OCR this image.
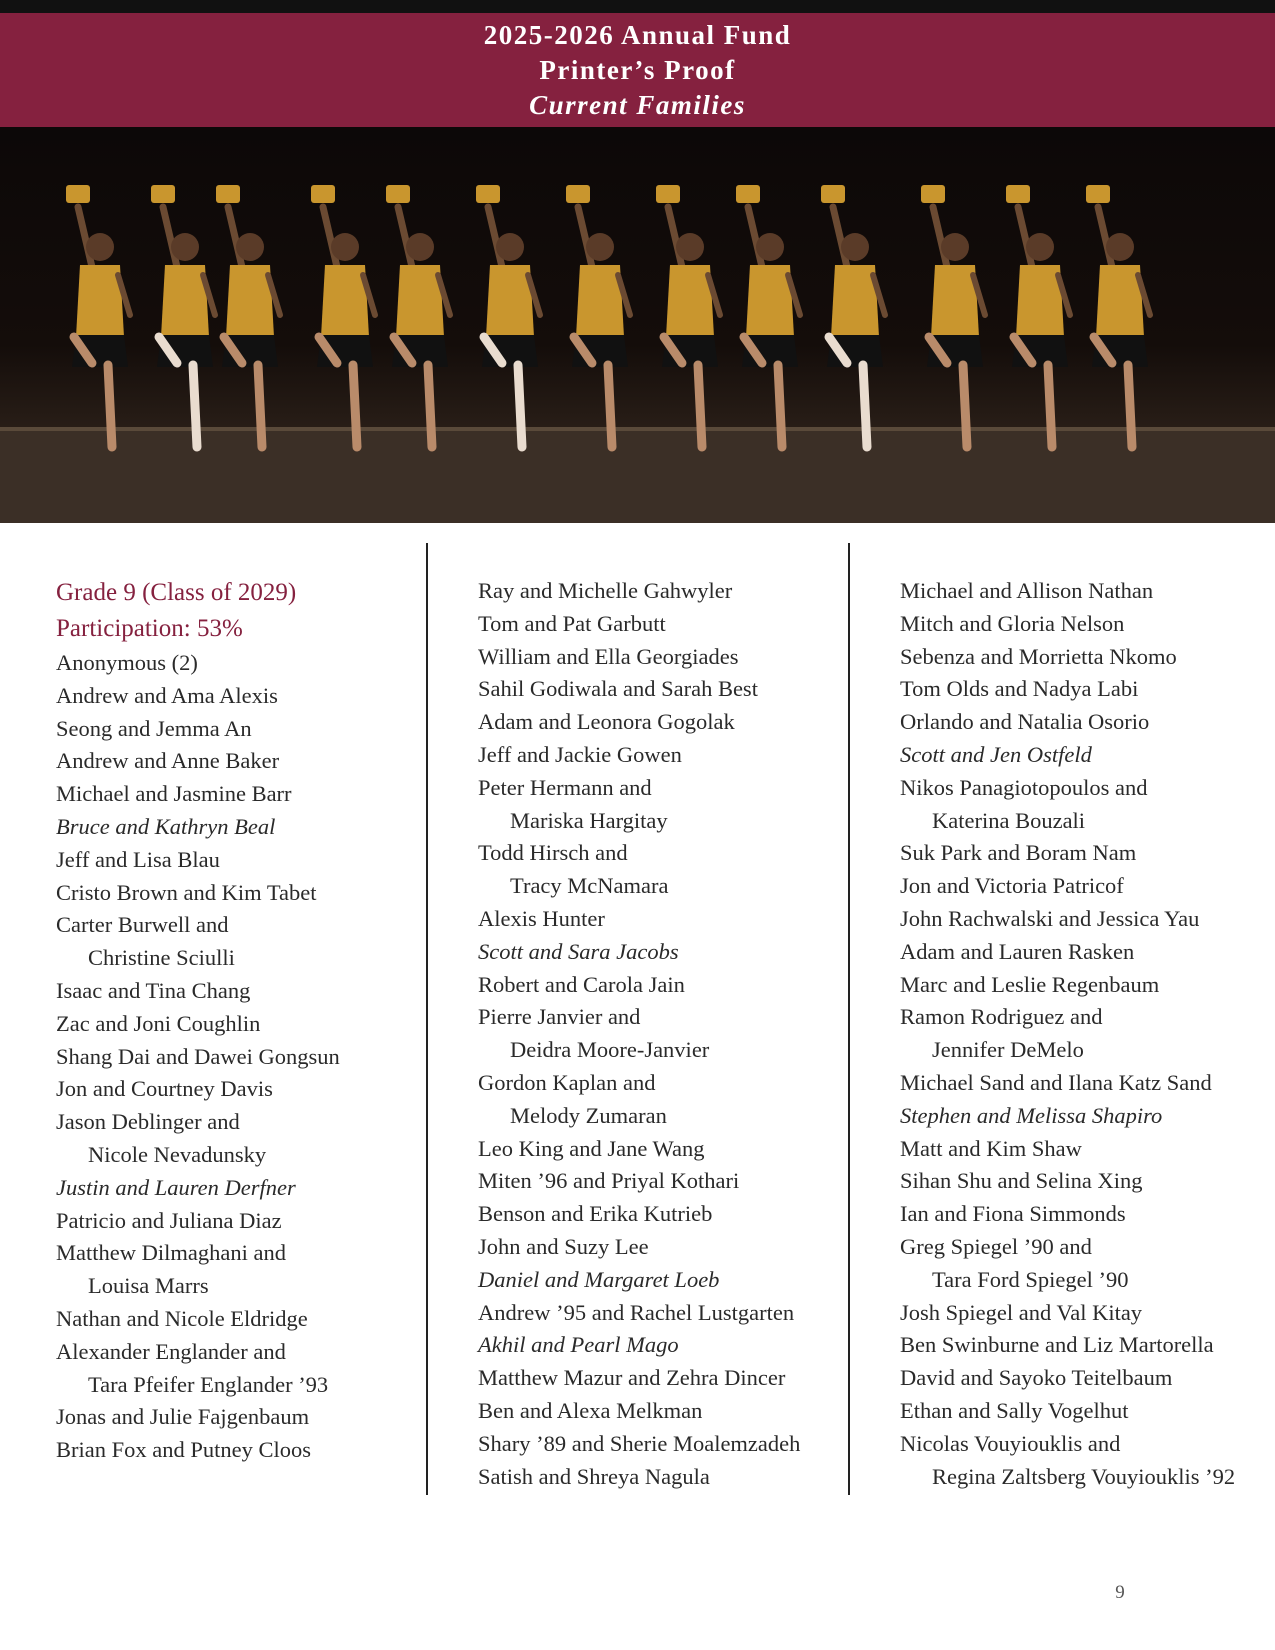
2025-2026 Annual Fund
Printer’s Proof
Current Families
Grade 9 (Class of 2029)
Participation: 53%
Anonymous (2)
Andrew and Ama Alexis
Seong and Jemma An
Andrew and Anne Baker
Michael and Jasmine Barr
Bruce and Kathryn Beal
Jeff and Lisa Blau
Cristo Brown and Kim Tabet
Carter Burwell and
Christine Sciulli
Isaac and Tina Chang
Zac and Joni Coughlin
Shang Dai and Dawei Gongsun
Jon and Courtney Davis
Jason Deblinger and
Nicole Nevadunsky
Justin and Lauren Derfner
Patricio and Juliana Diaz
Matthew Dilmaghani and
Louisa Marrs
Nathan and Nicole Eldridge
Alexander Englander and
Tara Pfeifer Englander ’93
Jonas and Julie Fajgenbaum
Brian Fox and Putney Cloos
Ray and Michelle Gahwyler
Tom and Pat Garbutt
William and Ella Georgiades
Sahil Godiwala and Sarah Best
Adam and Leonora Gogolak
Jeff and Jackie Gowen
Peter Hermann and
Mariska Hargitay
Todd Hirsch and
Tracy McNamara
Alexis Hunter
Scott and Sara Jacobs
Robert and Carola Jain
Pierre Janvier and
Deidra Moore-Janvier
Gordon Kaplan and
Melody Zumaran
Leo King and Jane Wang
Miten ’96 and Priyal Kothari
Benson and Erika Kutrieb
John and Suzy Lee
Daniel and Margaret Loeb
Andrew ’95 and Rachel Lustgarten
Akhil and Pearl Mago
Matthew Mazur and Zehra Dincer
Ben and Alexa Melkman
Shary ’89 and Sherie Moalemzadeh
Satish and Shreya Nagula
Michael and Allison Nathan
Mitch and Gloria Nelson
Sebenza and Morrietta Nkomo
Tom Olds and Nadya Labi
Orlando and Natalia Osorio
Scott and Jen Ostfeld
Nikos Panagiotopoulos and
Katerina Bouzali
Suk Park and Boram Nam
Jon and Victoria Patricof
John Rachwalski and Jessica Yau
Adam and Lauren Rasken
Marc and Leslie Regenbaum
Ramon Rodriguez and
Jennifer DeMelo
Michael Sand and Ilana Katz Sand
Stephen and Melissa Shapiro
Matt and Kim Shaw
Sihan Shu and Selina Xing
Ian and Fiona Simmonds
Greg Spiegel ’90 and
Tara Ford Spiegel ’90
Josh Spiegel and Val Kitay
Ben Swinburne and Liz Martorella
David and Sayoko Teitelbaum
Ethan and Sally Vogelhut
Nicolas Vouyiouklis and
Regina Zaltsberg Vouyiouklis ’92
9
